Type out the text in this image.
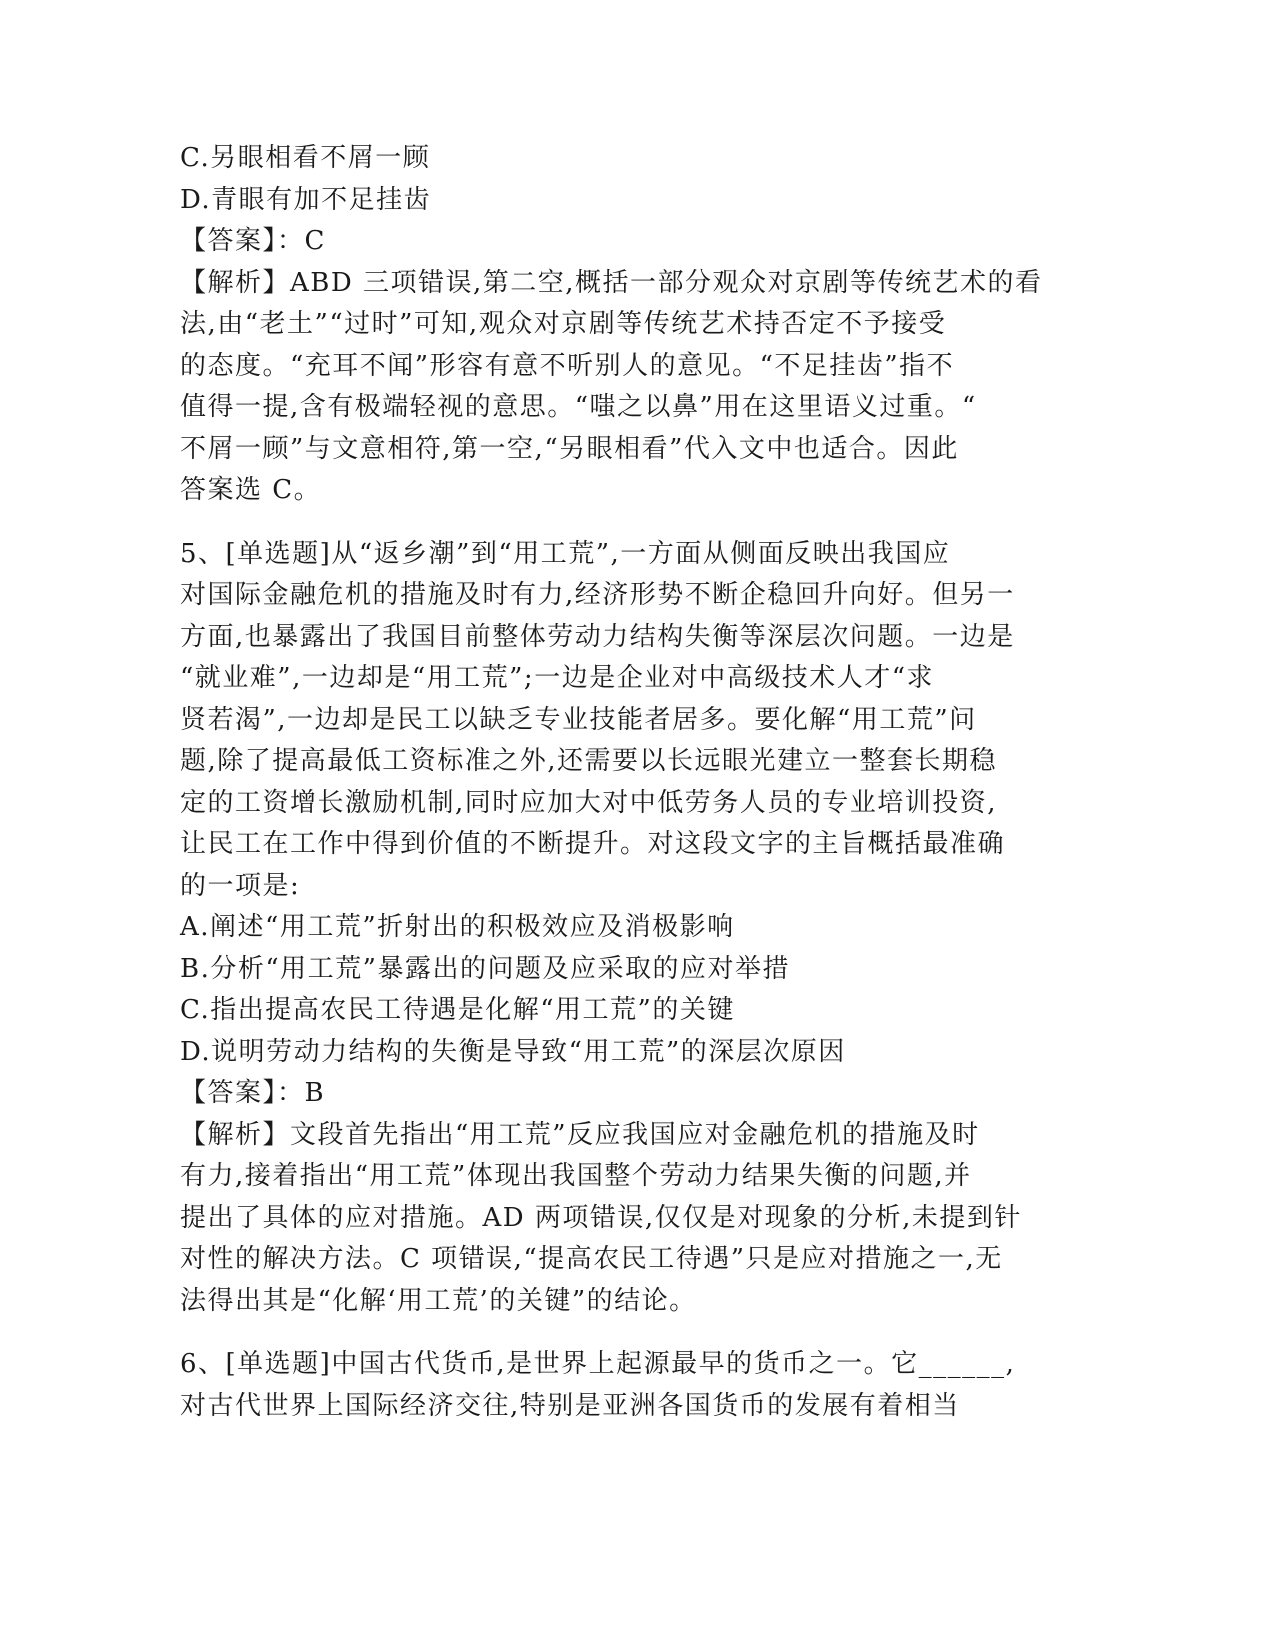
C.另眼相看不屑一顾
D.青眼有加不足挂齿
【答案】：C
【解析】ABD 三项错误,第二空,概括一部分观众对京剧等传统艺术的看
法,由“老土”“过时”可知,观众对京剧等传统艺术持否定不予接受
的态度。“充耳不闻”形容有意不听别人的意见。“不足挂齿”指不
值得一提,含有极端轻视的意思。“嗤之以鼻”用在这里语义过重。“
不屑一顾”与文意相符,第一空,“另眼相看”代入文中也适合。因此
答案选 C。
5、[单选题]从“返乡潮”到“用工荒”,一方面从侧面反映出我国应
对国际金融危机的措施及时有力,经济形势不断企稳回升向好。但另一
方面,也暴露出了我国目前整体劳动力结构失衡等深层次问题。一边是
“就业难”,一边却是“用工荒”;一边是企业对中高级技术人才“求
贤若渴”,一边却是民工以缺乏专业技能者居多。要化解“用工荒”问
题,除了提高最低工资标准之外,还需要以长远眼光建立一整套长期稳
定的工资增长激励机制,同时应加大对中低劳务人员的专业培训投资,
让民工在工作中得到价值的不断提升。对这段文字的主旨概括最准确
的一项是:
A.阐述“用工荒”折射出的积极效应及消极影响
B.分析“用工荒”暴露出的问题及应采取的应对举措
C.指出提高农民工待遇是化解“用工荒”的关键
D.说明劳动力结构的失衡是导致“用工荒”的深层次原因
【答案】：B
【解析】文段首先指出“用工荒”反应我国应对金融危机的措施及时
有力,接着指出“用工荒”体现出我国整个劳动力结果失衡的问题,并
提出了具体的应对措施。AD 两项错误,仅仅是对现象的分析,未提到针
对性的解决方法。C 项错误,“提高农民工待遇”只是应对措施之一,无
法得出其是“化解‘用工荒’的关键”的结论。
6、[单选题]中国古代货币,是世界上起源最早的货币之一。它______,
对古代世界上国际经济交往,特别是亚洲各国货币的发展有着相当
